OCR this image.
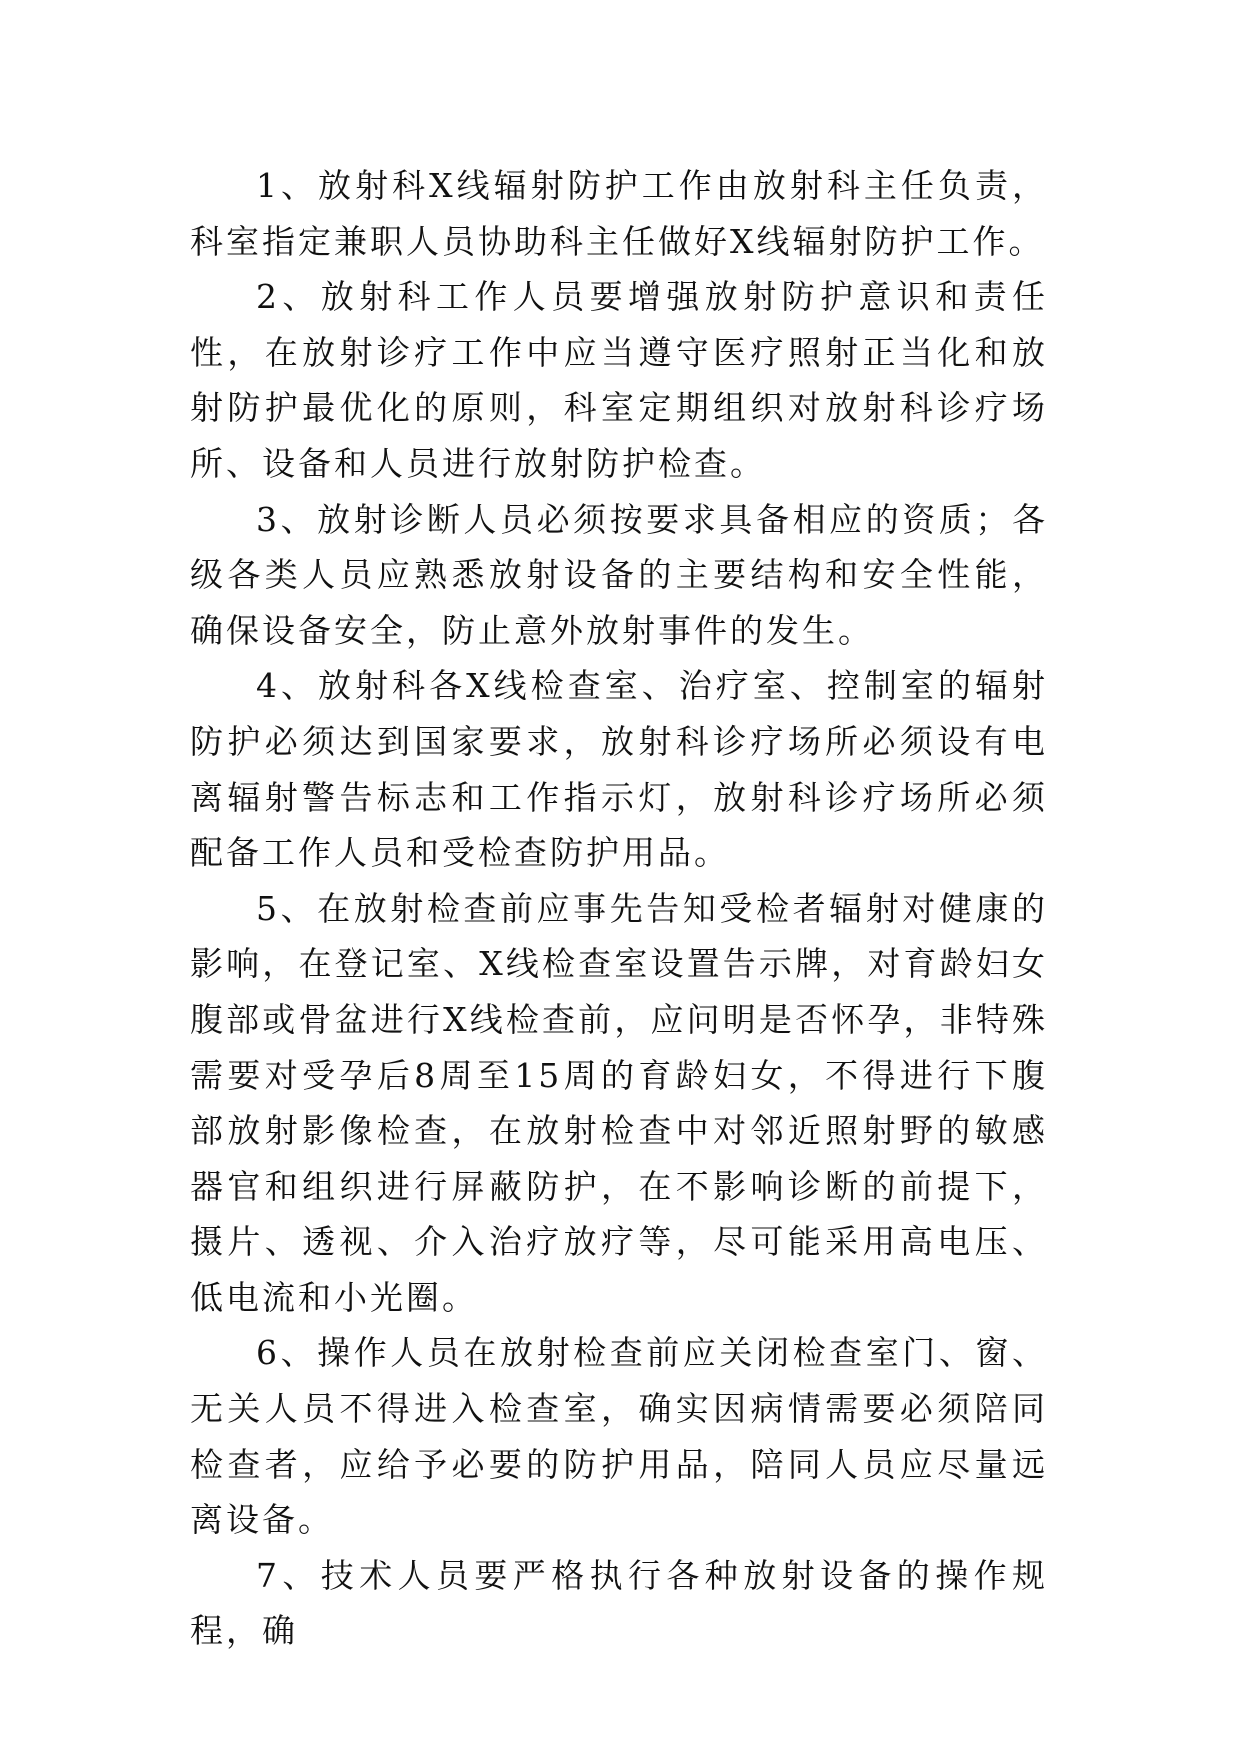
1、放射科X线辐射防护工作由放射科主任负责，科室指定兼职人员协助科主任做好X线辐射防护工作。

2、放射科工作人员要增强放射防护意识和责任性，在放射诊疗工作中应当遵守医疗照射正当化和放射防护最优化的原则，科室定期组织对放射科诊疗场所、设备和人员进行放射防护检查。

3、放射诊断人员必须按要求具备相应的资质；各级各类人员应熟悉放射设备的主要结构和安全性能，确保设备安全，防止意外放射事件的发生。

4、放射科各X线检查室、治疗室、控制室的辐射防护必须达到国家要求，放射科诊疗场所必须设有电离辐射警告标志和工作指示灯，放射科诊疗场所必须配备工作人员和受检查防护用品。

5、在放射检查前应事先告知受检者辐射对健康的影响，在登记室、X线检查室设置告示牌，对育龄妇女腹部或骨盆进行X线检查前，应问明是否怀孕，非特殊需要对受孕后8周至15周的育龄妇女，不得进行下腹部放射影像检查，在放射检查中对邻近照射野的敏感器官和组织进行屏蔽防护，在不影响诊断的前提下，摄片、透视、介入治疗放疗等，尽可能采用高电压、低电流和小光圈。

6、操作人员在放射检查前应关闭检查室门、窗、无关人员不得进入检查室，确实因病情需要必须陪同检查者，应给予必要的防护用品，陪同人员应尽量远离设备。

7、技术人员要严格执行各种放射设备的操作规程，确
